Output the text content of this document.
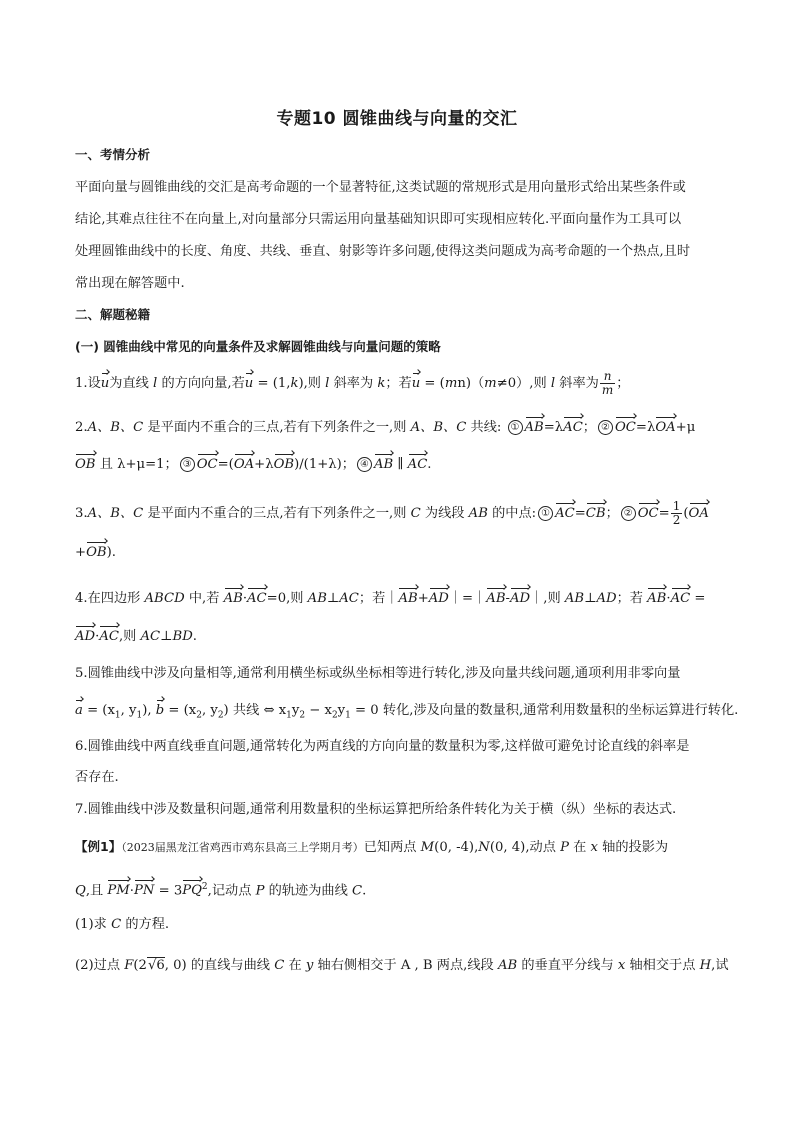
专题10 圆锥曲线与向量的交汇
一、考情分析
平面向量与圆锥曲线的交汇是高考命题的一个显著特征,这类试题的常规形式是用向量形式给出某些条件或
结论,其难点往往不在向量上,对向量部分只需运用向量基础知识即可实现相应转化.平面向量作为工具可以
处理圆锥曲线中的长度、角度、共线、垂直、射影等许多问题,使得这类问题成为高考命题的一个热点,且时
常出现在解答题中.
二、解题秘籍
(一) 圆锥曲线中常见的向量条件及求解圆锥曲线与向量问题的策略
1.设u为直线 l 的方向向量,若u = (1,k),则 l 斜率为 k；若u = (mn)（m≠0）,则 l 斜率为 $\frac{n}{m}$ ；
2.A、B、C 是平面内不重合的三点,若有下列条件之一,则 A、B、C 共线: ① AB=λAC； ② OC=λOA+μ
OB 且 λ+μ=1； ③ OC=(OA+λOB)/(1+λ)； ④ AB ∥ AC.
3.A、B、C 是平面内不重合的三点,若有下列条件之一,则 C 为线段 AB 的中点: ① AC=CB； ② $OC= \frac{1}{2} (OA$
+OB).
4.在四边形 ABCD 中,若 AB·AC=0,则 AB⊥AC；若｜AB+AD｜=｜AB-AD｜,则 AB⊥AD；若 AB·AC =
AD·AC,则 AC⊥BD.
5.圆锥曲线中涉及向量相等,通常利用横坐标或纵坐标相等进行转化,涉及向量共线问题,通项利用非零向量
$a = (x_1$, $y_1$), $b = (x_2$, $y_2$) 共线 ⇔ $x_1y_2 - x_2y_1 = 0$ 转化,涉及向量的数量积,通常利用数量积的坐标运算进行转化.
6.圆锥曲线中两直线垂直问题,通常转化为两直线的方向向量的数量积为零,这样做可避免讨论直线的斜率是
否存在.
7.圆锥曲线中涉及数量积问题,通常利用数量积的坐标运算把所给条件转化为关于横（纵）坐标的表达式.
【例1】（2023届黑龙江省鸡西市鸡东县高三上学期月考）已知两点 M(0, -4),N(0, 4),动点 P 在 x 轴的投影为
Q,且 $PM\cdot PN = 3PQ^2$,记动点 P 的轨迹为曲线 C.
(1)求 C 的方程.
(2)过点 F(2√6, 0) 的直线与曲线 C 在 y 轴右侧相交于 A , B 两点,线段 AB 的垂直平分线与 x 轴相交于点 H,试
